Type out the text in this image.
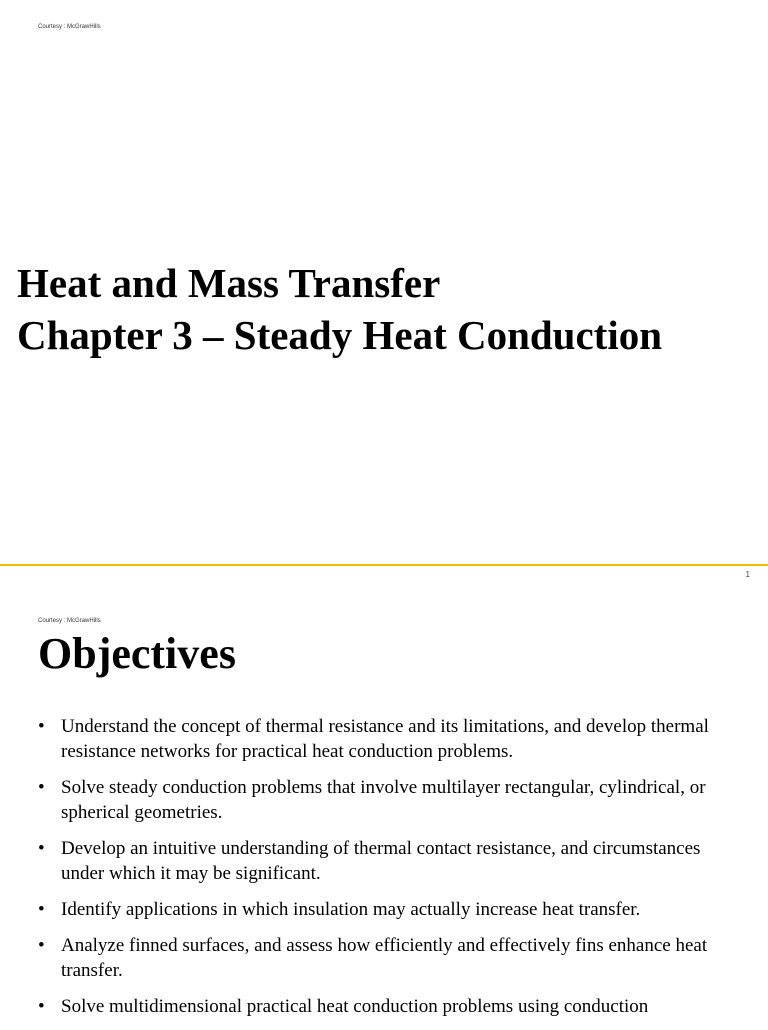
Courtesy : McGrawHills
Heat and Mass Transfer
Chapter 3 – Steady Heat Conduction
1
Courtesy : McGrawHills
Objectives
• Understand the concept of thermal resistance and its limitations, and develop thermal resistance networks for practical heat conduction problems.
• Solve steady conduction problems that involve multilayer rectangular, cylindrical, or spherical geometries.
• Develop an intuitive understanding of thermal contact resistance, and circumstances under which it may be significant.
• Identify applications in which insulation may actually increase heat transfer.
• Analyze finned surfaces, and assess how efficiently and effectively fins enhance heat transfer.
• Solve multidimensional practical heat conduction problems using conduction
